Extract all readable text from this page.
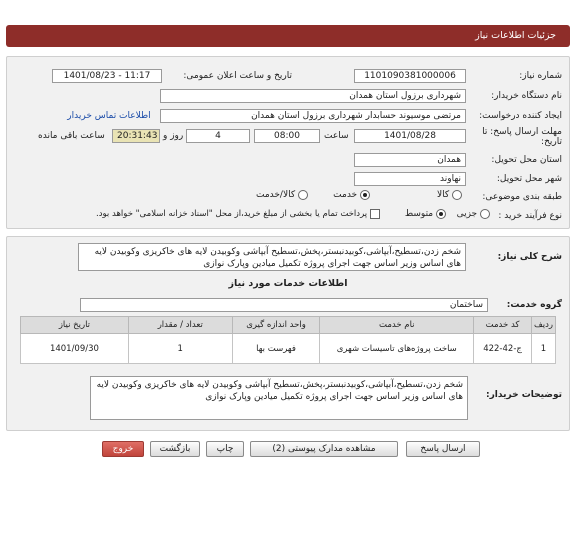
جزئیات اطلاعات نیاز
شماره نیاز:
1101090381000006
تاریخ و ساعت اعلان عمومی:
1401/08/23 - 11:17
نام دستگاه خریدار:
شهرداری برزول استان همدان
ایجاد کننده درخواست:
مرتضی موسیوند حسابدار شهرداری برزول استان همدان
اطلاعات تماس خریدار
مهلت ارسال پاسخ: تا تاریخ:
1401/08/28
ساعت
08:00
4
روز و
20:31:43
ساعت باقی مانده
استان محل تحویل:
همدان
شهر محل تحویل:
نهاوند
طبقه بندی موضوعی:
کالا
خدمت
کالا/خدمت
نوع فرآیند خرید :
جزیی
متوسط
پرداخت تمام یا بخشی از مبلغ خرید،از محل "اسناد خزانه اسلامی" خواهد بود.
شرح کلی نیاز:
شخم زدن،تسطیح،آبپاشی،کوبیدنبستر،پخش،تسطیح آبپاشی وکوبیدن لایه های خاکریزی وکوبیدن لایه های اساس وزیر اساس جهت اجرای پروژه تکمیل میادین وپارک نوازی
اطلاعات خدمات مورد نیاز
گروه خدمت:
ساختمان
ردیف	کد خدمت	نام خدمت	واحد اندازه گیری	تعداد / مقدار	تاریخ نیاز
1	ج-42-422	ساخت پروژه‌های تاسیسات شهری	فهرست بها	1	1401/09/30
توضیحات خریدار:
شخم زدن،تسطیح،آبپاشی،کوبیدنبستر،پخش،تسطیح آبپاشی وکوبیدن لایه های خاکریزی وکوبیدن لایه های اساس وزیر اساس جهت اجرای پروژه تکمیل میادین وپارک نوازی
ارسال پاسخ
مشاهده مدارک پیوستی (2)
چاپ
بازگشت
خروج
